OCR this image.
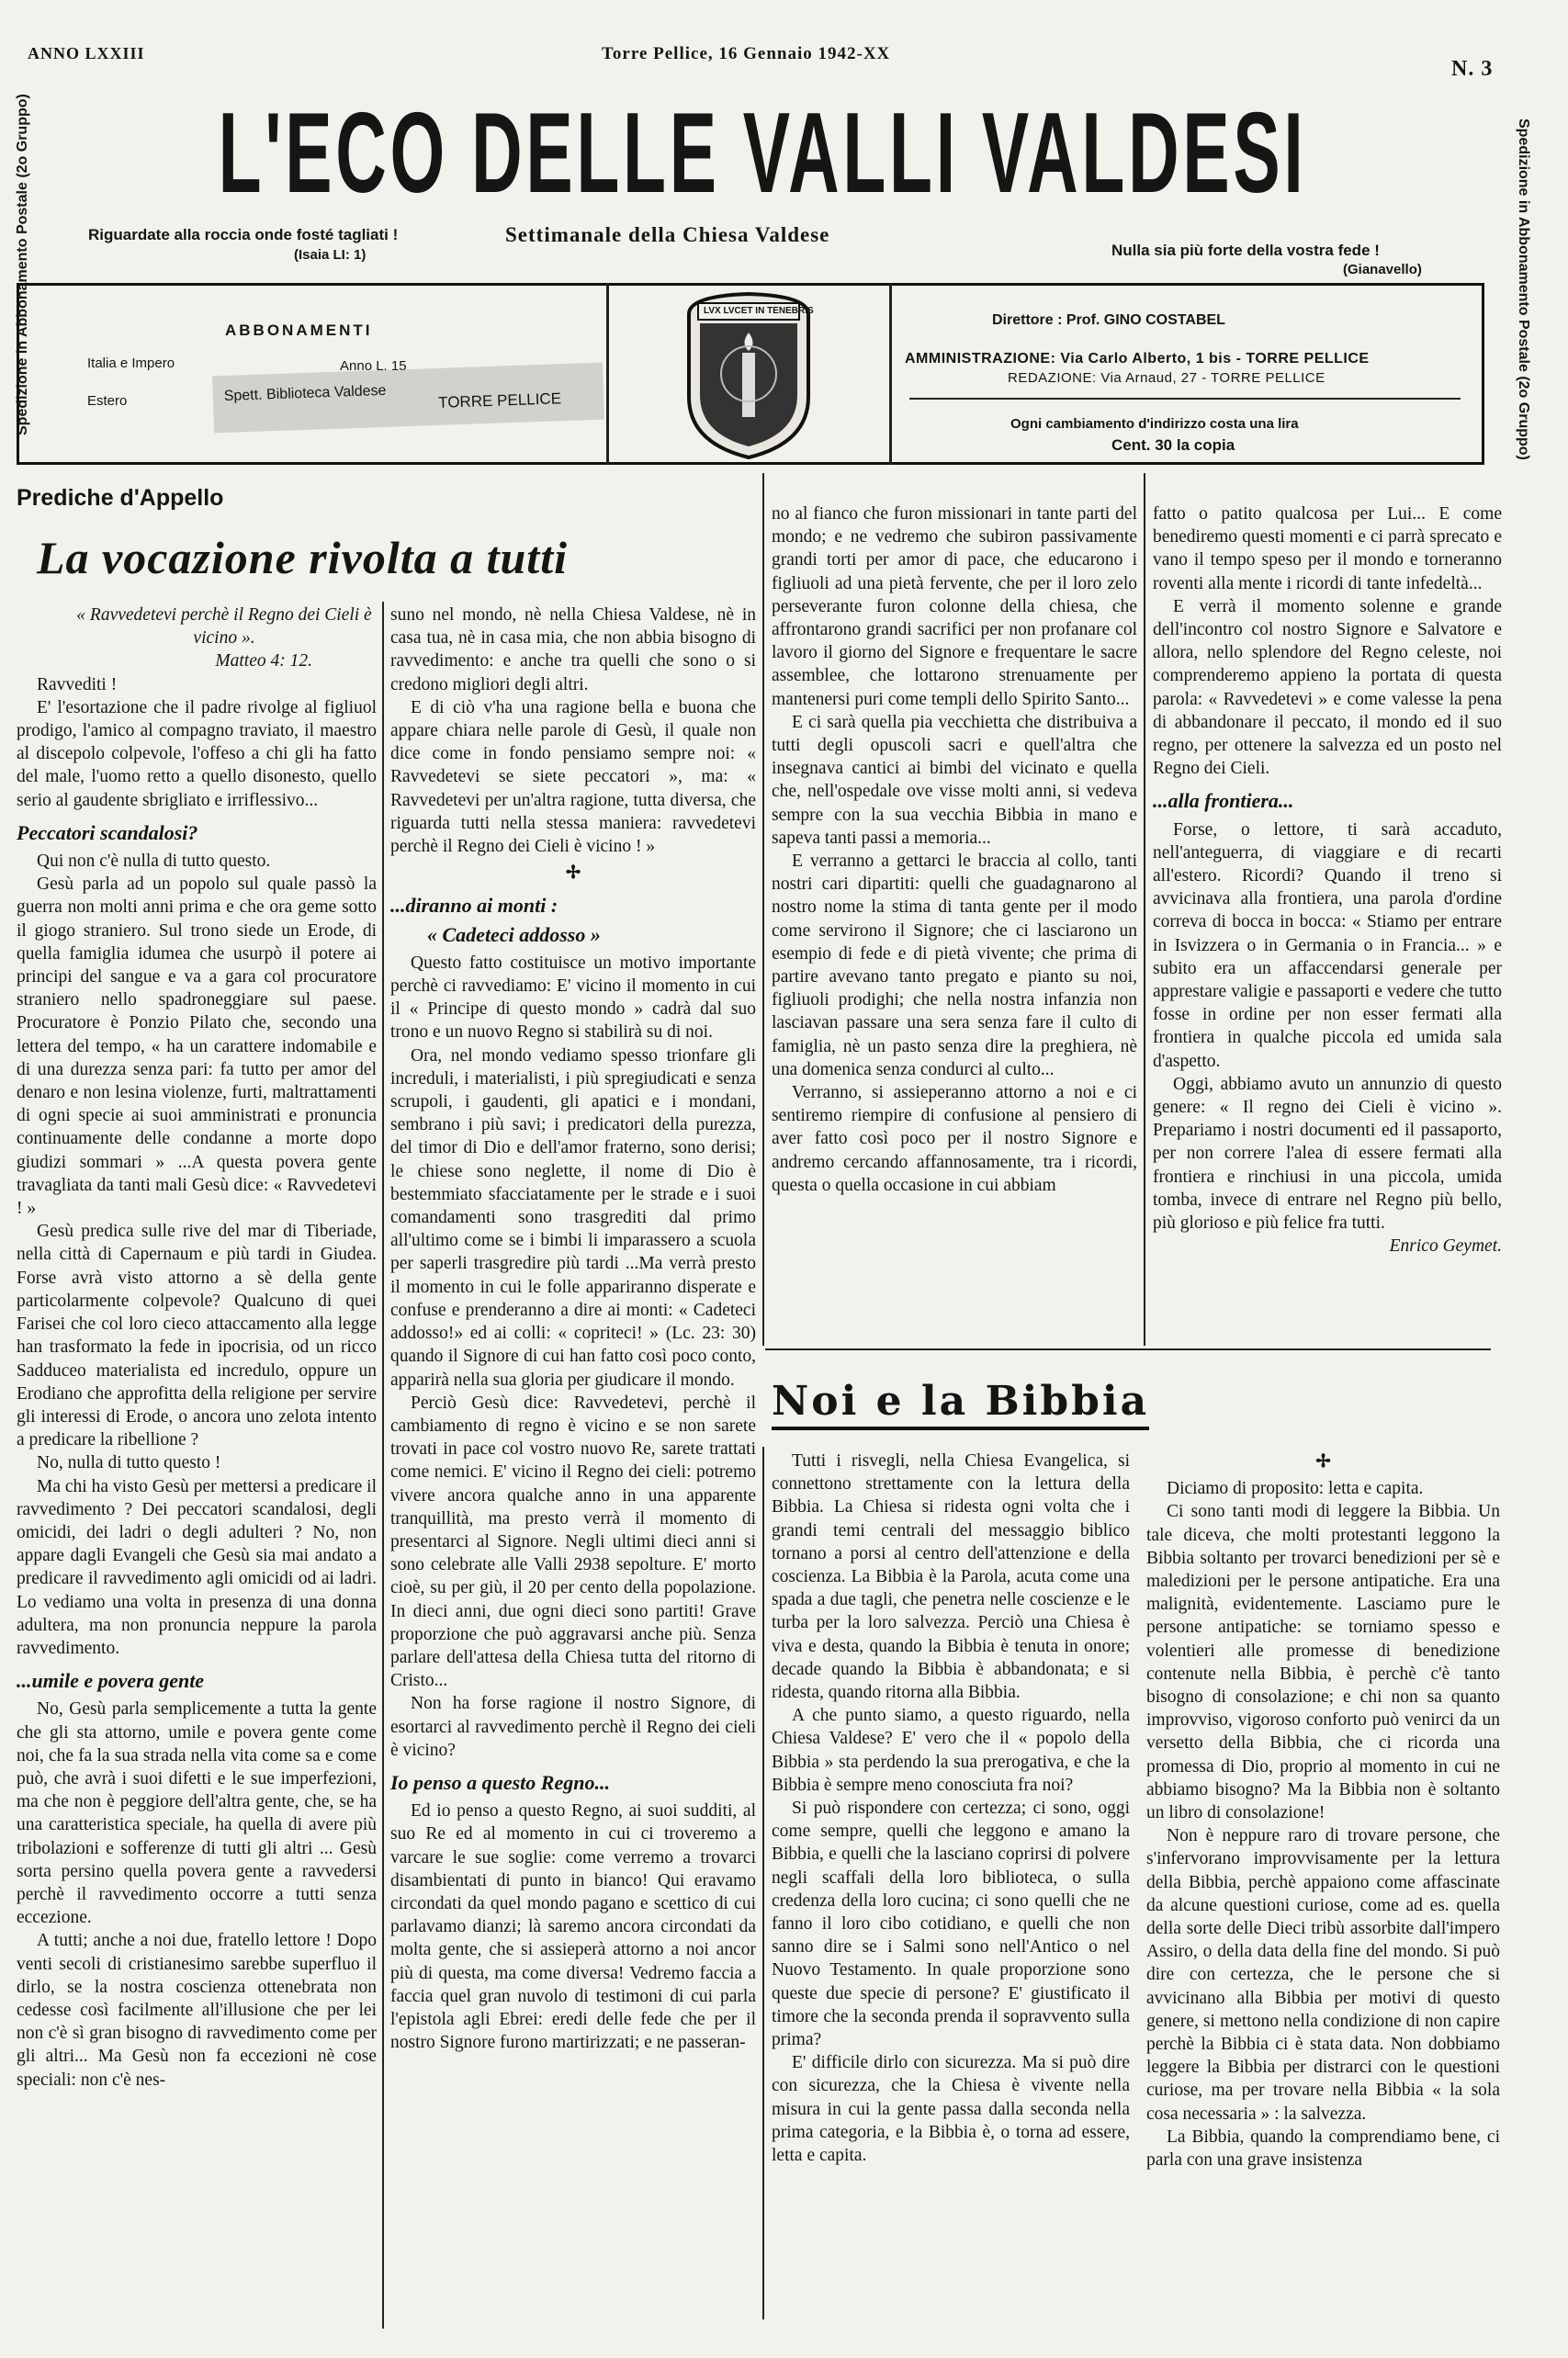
ANNO LXXIII	Torre Pellice, 16 Gennaio 1942-XX
N. 3
Spedizione in Abbonamento Postale (2o Gruppo)	Spedizione in Abbonamento Postale (2o Gruppo)
L'ECO DELLE VALLI VALDESI
Riguardate alla roccia onde fosté tagliati !
(Isaia LI: 1)
Settimanale della Chiesa Valdese
Nulla sia più forte della vostra fede !
(Gianavello)
ABBONAMENTI
Italia e Impero	Anno L. 15
Estero	Spett. Biblioteca Valdese	TORRE PELLICE
LVX LVCET IN TENEBRIS
Direttore : Prof. GINO COSTABEL
AMMINISTRAZIONE: Via Carlo Alberto, 1 bis - TORRE PELLICE
REDAZIONE: Via Arnaud, 27 - TORRE PELLICE
Ogni cambiamento d'indirizzo costa una lira
Cent. 30 la copia
Prediche d'Appello
La vocazione rivolta a tutti

« Ravvedetevi perchè il Regno dei Cieli è vicino ».

Matteo 4: 12.

Ravvediti !

E' l'esortazione che il padre rivolge al figliuol prodigo, l'amico al compagno traviato, il maestro al discepolo colpevole, l'offeso a chi gli ha fatto del male, l'uomo retto a quello disonesto, quello serio al gaudente sbrigliato e irriflessivo...

Peccatori scandalosi?

Qui non c'è nulla di tutto questo.

Gesù parla ad un popolo sul quale passò la guerra non molti anni prima e che ora geme sotto il giogo straniero. Sul trono siede un Erode, di quella famiglia idumea che usurpò il potere ai principi del sangue e va a gara col procuratore straniero nello spadroneggiare sul paese. Procuratore è Ponzio Pilato che, secondo una lettera del tempo, « ha un carattere indomabile e di una durezza senza pari: fa tutto per amor del denaro e non lesina violenze, furti, maltrattamenti di ogni specie ai suoi amministrati e pronuncia continuamente delle condanne a morte dopo giudizi sommari » ...A questa povera gente travagliata da tanti mali Gesù dice: « Ravvedetevi ! »

Gesù predica sulle rive del mar di Tiberiade, nella città di Capernaum e più tardi in Giudea. Forse avrà visto attorno a sè della gente particolarmente colpevole? Qualcuno di quei Farisei che col loro cieco attaccamento alla legge han trasformato la fede in ipocrisia, od un ricco Sadduceo materialista ed incredulo, oppure un Erodiano che approfitta della religione per servire gli interessi di Erode, o ancora uno zelota intento a predicare la ribellione ?

No, nulla di tutto questo !

Ma chi ha visto Gesù per mettersi a predicare il ravvedimento ? Dei peccatori scandalosi, degli omicidi, dei ladri o degli adulteri ? No, non appare dagli Evangeli che Gesù sia mai andato a predicare il ravvedimento agli omicidi od ai ladri. Lo vediamo una volta in presenza di una donna adultera, ma non pronuncia neppure la parola ravvedimento.

...umile e povera gente

No, Gesù parla semplicemente a tutta la gente che gli sta attorno, umile e povera gente come noi, che fa la sua strada nella vita come sa e come può, che avrà i suoi difetti e le sue imperfezioni, ma che non è peggiore dell'altra gente, che, se ha una caratteristica speciale, ha quella di avere più tribolazioni e sofferenze di tutti gli altri ... Gesù sorta persino quella povera gente a ravvedersi perchè il ravvedimento occorre a tutti senza eccezione.

A tutti; anche a noi due, fratello lettore ! Dopo venti secoli di cristianesimo sarebbe superfluo il dirlo, se la nostra coscienza ottenebrata non cedesse così facilmente all'illusione che per lei non c'è sì gran bisogno di ravvedimento come per gli altri... Ma Gesù non fa eccezioni nè cose speciali: non c'è nes-

suno nel mondo, nè nella Chiesa Valdese, nè in casa tua, nè in casa mia, che non abbia bisogno di ravvedimento: e anche tra quelli che sono o si credono migliori degli altri.

E di ciò v'ha una ragione bella e buona che appare chiara nelle parole di Gesù, il quale non dice come in fondo pensiamo sempre noi: « Ravvedetevi se siete peccatori », ma: « Ravvedetevi per un'altra ragione, tutta diversa, che riguarda tutti nella stessa maniera: ravvedetevi perchè il Regno dei Cieli è vicino ! »

✢

...diranno ai monti :

« Cadeteci addosso »

Questo fatto costituisce un motivo importante perchè ci ravvediamo: E' vicino il momento in cui il « Principe di questo mondo » cadrà dal suo trono e un nuovo Regno si stabilirà su di noi.

Ora, nel mondo vediamo spesso trionfare gli increduli, i materialisti, i più spregiudicati e senza scrupoli, i gaudenti, gli apatici e i mondani, sembrano i più savi; i predicatori della purezza, del timor di Dio e dell'amor fraterno, sono derisi; le chiese sono neglette, il nome di Dio è bestemmiato sfacciatamente per le strade e i suoi comandamenti sono trasgrediti dal primo all'ultimo come se i bimbi li imparassero a scuola per saperli trasgredire più tardi ...Ma verrà presto il momento in cui le folle appariranno disperate e confuse e prenderanno a dire ai monti: « Cadeteci addosso!» ed ai colli: « copriteci! » (Lc. 23: 30) quando il Signore di cui han fatto così poco conto, apparirà nella sua gloria per giudicare il mondo.

Perciò Gesù dice: Ravvedetevi, perchè il cambiamento di regno è vicino e se non sarete trovati in pace col vostro nuovo Re, sarete trattati come nemici. E' vicino il Regno dei cieli: potremo vivere ancora qualche anno in una apparente tranquillità, ma presto verrà il momento di presentarci al Signore. Negli ultimi dieci anni si sono celebrate alle Valli 2938 sepolture. E' morto cioè, su per giù, il 20 per cento della popolazione. In dieci anni, due ogni dieci sono partiti! Grave proporzione che può aggravarsi anche più. Senza parlare dell'attesa della Chiesa tutta del ritorno di Cristo...

Non ha forse ragione il nostro Signore, di esortarci al ravvedimento perchè il Regno dei cieli è vicino?

Io penso a questo Regno...

Ed io penso a questo Regno, ai suoi sudditi, al suo Re ed al momento in cui ci troveremo a varcare le sue soglie: come verremo a trovarci disambientati di punto in bianco! Qui eravamo circondati da quel mondo pagano e scettico di cui parlavamo dianzi; là saremo ancora circondati da molta gente, che si assieperà attorno a noi ancor più di questa, ma come diversa! Vedremo faccia a faccia quel gran nuvolo di testimoni di cui parla l'epistola agli Ebrei: eredi delle fede che per il nostro Signore furono martirizzati; e ne passeran-

no al fianco che furon missionari in tante parti del mondo; e ne vedremo che subiron passivamente grandi torti per amor di pace, che educarono i figliuoli ad una pietà fervente, che per il loro zelo perseverante furon colonne della chiesa, che affrontarono grandi sacrifici per non profanare col lavoro il giorno del Signore e frequentare le sacre assemblee, che lottarono strenuamente per mantenersi puri come templi dello Spirito Santo...

E ci sarà quella pia vecchietta che distribuiva a tutti degli opuscoli sacri e quell'altra che insegnava cantici ai bimbi del vicinato e quella che, nell'ospedale ove visse molti anni, si vedeva sempre con la sua vecchia Bibbia in mano e sapeva tanti passi a memoria...

E verranno a gettarci le braccia al collo, tanti nostri cari dipartiti: quelli che guadagnarono al nostro nome la stima di tanta gente per il modo come servirono il Signore; che ci lasciarono un esempio di fede e di pietà vivente; che prima di partire avevano tanto pregato e pianto su noi, figliuoli prodighi; che nella nostra infanzia non lasciavan passare una sera senza fare il culto di famiglia, nè un pasto senza dire la preghiera, nè una domenica senza condurci al culto...

Verranno, si assieperanno attorno a noi e ci sentiremo riempire di confusione al pensiero di aver fatto così poco per il nostro Signore e andremo cercando affannosamente, tra i ricordi, questa o quella occasione in cui abbiam

fatto o patito qualcosa per Lui... E come benediremo questi momenti e ci parrà sprecato e vano il tempo speso per il mondo e torneranno roventi alla mente i ricordi di tante infedeltà...

E verrà il momento solenne e grande dell'incontro col nostro Signore e Salvatore e allora, nello splendore del Regno celeste, noi comprenderemo appieno la portata di questa parola: « Ravvedetevi » e come valesse la pena di abbandonare il peccato, il mondo ed il suo regno, per ottenere la salvezza ed un posto nel Regno dei Cieli.

...alla frontiera...

Forse, o lettore, ti sarà accaduto, nell'anteguerra, di viaggiare e di recarti all'estero. Ricordi? Quando il treno si avvicinava alla frontiera, una parola d'ordine correva di bocca in bocca: « Stiamo per entrare in Isvizzera o in Germania o in Francia... » e subito era un affaccendarsi generale per apprestare valigie e passaporti e vedere che tutto fosse in ordine per non esser fermati alla frontiera in qualche piccola ed umida sala d'aspetto.

Oggi, abbiamo avuto un annunzio di questo genere: « Il regno dei Cieli è vicino ». Prepariamo i nostri documenti ed il passaporto, per non correre l'alea di essere fermati alla frontiera e rinchiusi in una piccola, umida tomba, invece di entrare nel Regno più bello, più glorioso e più felice fra tutti.

Enrico Geymet.

Noi e la Bibbia

Tutti i risvegli, nella Chiesa Evangelica, si connettono strettamente con la lettura della Bibbia. La Chiesa si ridesta ogni volta che i grandi temi centrali del messaggio biblico tornano a porsi al centro dell'attenzione e della coscienza. La Bibbia è la Parola, acuta come una spada a due tagli, che penetra nelle coscienze e le turba per la loro salvezza. Perciò una Chiesa è viva e desta, quando la Bibbia è tenuta in onore; decade quando la Bibbia è abbandonata; e si ridesta, quando ritorna alla Bibbia.

A che punto siamo, a questo riguardo, nella Chiesa Valdese? E' vero che il « popolo della Bibbia » sta perdendo la sua prerogativa, e che la Bibbia è sempre meno conosciuta fra noi?

Si può rispondere con certezza; ci sono, oggi come sempre, quelli che leggono e amano la Bibbia, e quelli che la lasciano coprirsi di polvere negli scaffali della loro biblioteca, o sulla credenza della loro cucina; ci sono quelli che ne fanno il loro cibo cotidiano, e quelli che non sanno dire se i Salmi sono nell'Antico o nel Nuovo Testamento. In quale proporzione sono queste due specie di persone? E' giustificato il timore che la seconda prenda il sopravvento sulla prima?

E' difficile dirlo con sicurezza. Ma si può dire con sicurezza, che la Chiesa è vivente nella misura in cui la gente passa dalla seconda nella prima categoria, e la Bibbia è, o torna ad essere, letta e capita.

✢

Diciamo di proposito: letta e capita.

Ci sono tanti modi di leggere la Bibbia. Un tale diceva, che molti protestanti leggono la Bibbia soltanto per trovarci benedizioni per sè e maledizioni per le persone antipatiche. Era una malignità, evidentemente. Lasciamo pure le persone antipatiche: se torniamo spesso e volentieri alle promesse di benedizione contenute nella Bibbia, è perchè c'è tanto bisogno di consolazione; e chi non sa quanto improvviso, vigoroso conforto può venirci da un versetto della Bibbia, che ci ricorda una promessa di Dio, proprio al momento in cui ne abbiamo bisogno? Ma la Bibbia non è soltanto un libro di consolazione!

Non è neppure raro di trovare persone, che s'infervorano improvvisamente per la lettura della Bibbia, perchè appaiono come affascinate da alcune questioni curiose, come ad es. quella della sorte delle Dieci tribù assorbite dall'impero Assiro, o della data della fine del mondo. Si può dire con certezza, che le persone che si avvicinano alla Bibbia per motivi di questo genere, si mettono nella condizione di non capire perchè la Bibbia ci è stata data. Non dobbiamo leggere la Bibbia per distrarci con le questioni curiose, ma per trovare nella Bibbia « la sola cosa necessaria » : la salvezza.

La Bibbia, quando la comprendiamo bene, ci parla con una grave insistenza
